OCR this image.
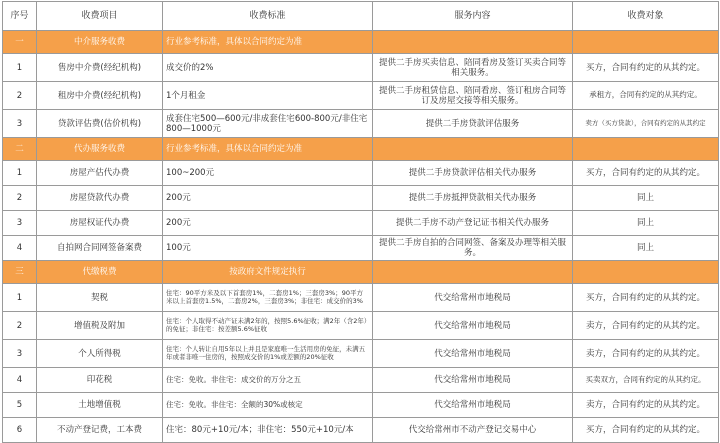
序号	收费项目	收费标准	服务内容	收费对象
一	中介服务收费	行业参考标准，具体以合同约定为准		
1	售房中介费(经纪机构)	成交价的2%	提供二手房买卖信息、陪同看房及签订买卖合同等相关服务。	买方，合同有约定的从其约定。
2	租房中介费(经纪机构)	1个月租金	提供二手房租赁信息、陪同看房、签订租房合同等订及房屋交接等相关服务。	承租方，合同有约定的从其约定。
3	贷款评估费(估价机构)	成套住宅500—600元/非成套住宅600-800元/非住宅800—1000元	提供二手房贷款评估服务	卖方（买方贷款），合同有约定的从其约定
二	代办服务收费	行业参考标准，具体以合同约定为准		
1	房屋产估代办费	100~200元	提供二手房贷款评估相关代办服务	买方，合同有约定的从其约定。
2	房屋贷款代办费	200元	提供二手房抵押贷款相关代办服务	同上
3	房屋权证代办费	200元	提供二手房不动产登记证书相关代办服务	同上
4	自拍网合同网签备案费	100元	提供二手房自拍的合同网签、备案及办理等相关服务。	同上
三	代缴税费	按政府文件规定执行		
1	契税	住宅：90平方米及以下首套房1%，二套房1%；三套房3%；90平方米以上首套房1.5%，二套房2%，三套房3%；非住宅：成交价的3%	代交给常州市地税局	买方，合同有约定的从其约定。
2	增值税及附加	住宅：个人取得不动产证未满2年的，按照5.6%征收；满2年（含2年）的免征；非住宅：按差额5.6%征收	代交给常州市地税局	卖方，合同有约定的从其约定。
3	个人所得税	住宅：个人转让自用5年以上并且是家庭唯一生活用房的免征，未满五年或者非唯一住房的，按照成交价的1%或差额的20%征收	代交给常州市地税局	卖方，合同有约定的从其约定。
4	印花税	住宅：免收。非住宅：成交价的万分之五	代交给常州市地税局	买卖双方，合同有约定的从其约定。
5	土地增值税	住宅：免收。非住宅：全额的30%或核定	代交给常州市地税局	卖方，合同有约定的从其约定。
6	不动产登记费，工本费	住宅：80元+10元/本；非住宅：550元+10元/本	代交给常州市不动产登记交易中心	买方，合同有约定的从其约定。
